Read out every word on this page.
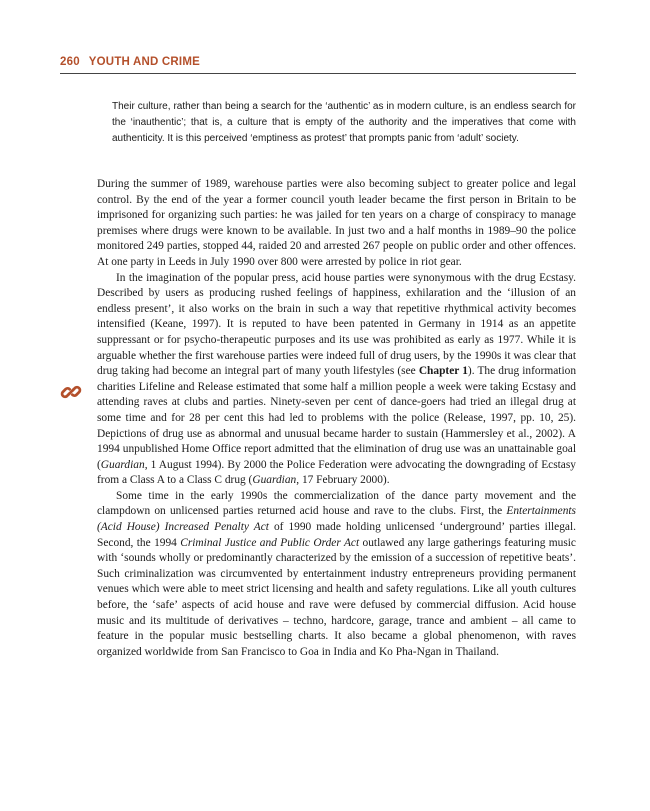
260 YOUTH AND CRIME
Their culture, rather than being a search for the ‘authentic’ as in modern culture, is an endless search for the ‘inauthentic’; that is, a culture that is empty of the authority and the imperatives that come with authenticity. It is this perceived ‘emptiness as protest’ that prompts panic from ‘adult’ society.

During the summer of 1989, warehouse parties were also becoming subject to greater police and legal control. By the end of the year a former council youth leader became the first person in Britain to be imprisoned for organizing such parties: he was jailed for ten years on a charge of conspiracy to manage premises where drugs were known to be available. In just two and a half months in 1989–90 the police monitored 249 parties, stopped 44, raided 20 and arrested 267 people on public order and other offences. At one party in Leeds in July 1990 over 800 were arrested by police in riot gear.

In the imagination of the popular press, acid house parties were synonymous with the drug Ecstasy. Described by users as producing rushed feelings of happiness, exhilaration and the ‘illusion of an endless present’, it also works on the brain in such a way that repetitive rhythmical activity becomes intensified (Keane, 1997). It is reputed to have been patented in Germany in 1914 as an appetite suppressant or for psycho-therapeutic purposes and its use was prohibited as early as 1977. While it is arguable whether the first warehouse parties were indeed full of drug users, by the 1990s it was clear that drug taking had become an integral part of many youth lifestyles (see Chapter 1). The drug information charities Lifeline and Release estimated that some half a million people a week were taking Ecstasy and attending raves at clubs and parties. Ninety-seven per cent of dance-goers had tried an illegal drug at some time and for 28 per cent this had led to problems with the police (Release, 1997, pp. 10, 25). Depictions of drug use as abnormal and unusual became harder to sustain (Hammersley et al., 2002). A 1994 unpublished Home Office report admitted that the elimination of drug use was an unattainable goal (Guardian, 1 August 1994). By 2000 the Police Federation were advocating the downgrading of Ecstasy from a Class A to a Class C drug (Guardian, 17 February 2000).

Some time in the early 1990s the commercialization of the dance party movement and the clampdown on unlicensed parties returned acid house and rave to the clubs. First, the Entertainments (Acid House) Increased Penalty Act of 1990 made holding unlicensed ‘underground’ parties illegal. Second, the 1994 Criminal Justice and Public Order Act outlawed any large gatherings featuring music with ‘sounds wholly or predominantly characterized by the emission of a succession of repetitive beats’. Such criminalization was circumvented by entertainment industry entrepreneurs providing permanent venues which were able to meet strict licensing and health and safety regulations. Like all youth cultures before, the ‘safe’ aspects of acid house and rave were defused by commercial diffusion. Acid house music and its multitude of derivatives – techno, hardcore, garage, trance and ambient – all came to feature in the popular music bestselling charts. It also became a global phenomenon, with raves organized worldwide from San Francisco to Goa in India and Ko Pha-Ngan in Thailand.
